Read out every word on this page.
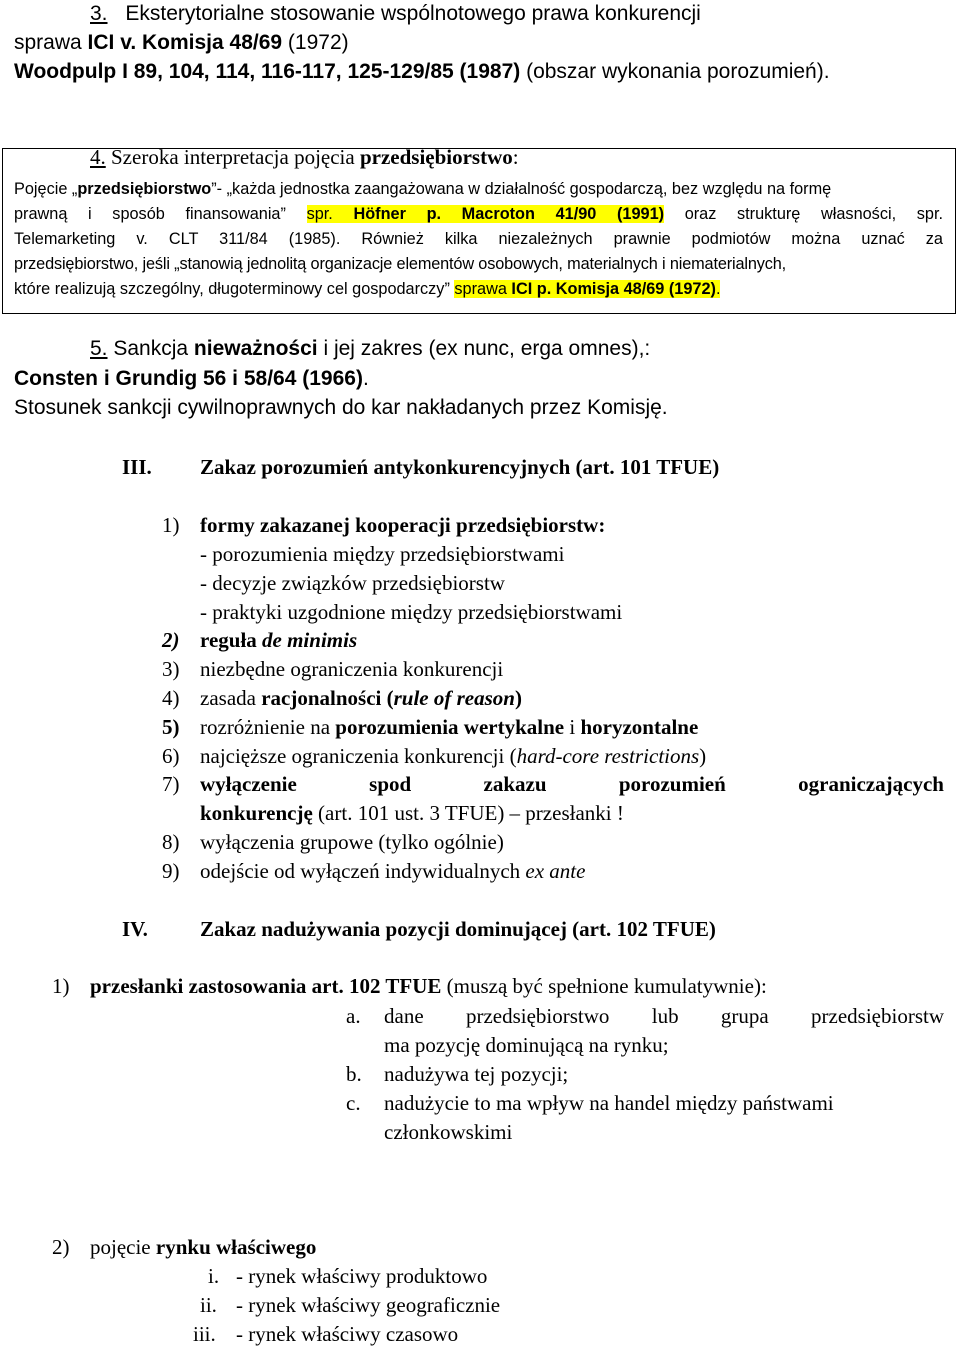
3. Eksterytorialne stosowanie wspólnotowego prawa konkurencji
sprawa ICI v. Komisja 48/69 (1972)
Woodpulp I 89, 104, 114, 116-117, 125-129/85 (1987) (obszar wykonania porozumień).
4. Szeroka interpretacja pojęcia przedsiębiorstwo:
Pojęcie „przedsiębiorstwo”- „każda jednostka zaangażowana w działalność gospodarczą, bez względu na formę
prawną i sposób finansowania” spr. Höfner p. Macroton 41/90 (1991) oraz strukturę własności, spr.
Telemarketing v. CLT 311/84 (1985). Również kilka niezależnych prawnie podmiotów można uznać za
przedsiębiorstwo, jeśli „stanowią jednolitą organizacje elementów osobowych, materialnych i niematerialnych,
które realizują szczególny, długoterminowy cel gospodarczy” sprawa ICI p. Komisja 48/69 (1972).
5. Sankcja nieważności i jej zakres (ex nunc, erga omnes),:
Consten i Grundig 56 i 58/64 (1966).
Stosunek sankcji cywilnoprawnych do kar nakładanych przez Komisję.
III. Zakaz porozumień antykonkurencyjnych (art. 101 TFUE)
1) formy zakazanej kooperacji przedsiębiorstw:
- porozumienia między przedsiębiorstwami
- decyzje związków przedsiębiorstw
- praktyki uzgodnione między przedsiębiorstwami
2) reguła de minimis
3) niezbędne ograniczenia konkurencji
4) zasada racjonalności (rule of reason)
5) rozróżnienie na porozumienia wertykalne i horyzontalne
6) najcięższe ograniczenia konkurencji (hard-core restrictions)
7) wyłączenie	spod	zakazu	porozumień	ograniczających
konkurencję (art. 101 ust. 3 TFUE) – przesłanki !
8) wyłączenia grupowe (tylko ogólnie)
9) odejście od wyłączeń indywidualnych ex ante
IV. Zakaz nadużywania pozycji dominującej (art. 102 TFUE)
1) przesłanki zastosowania art. 102 TFUE (muszą być spełnione kumulatywnie):
a. dane przedsiębiorstwo lub grupa przedsiębiorstw
ma pozycję dominującą na rynku;
b. nadużywa tej pozycji;
c. nadużycie to ma wpływ na handel między państwami
członkowskimi
2) pojęcie rynku właściwego
i. - rynek właściwy produktowo
ii. - rynek właściwy geograficznie
iii. - rynek właściwy czasowo
